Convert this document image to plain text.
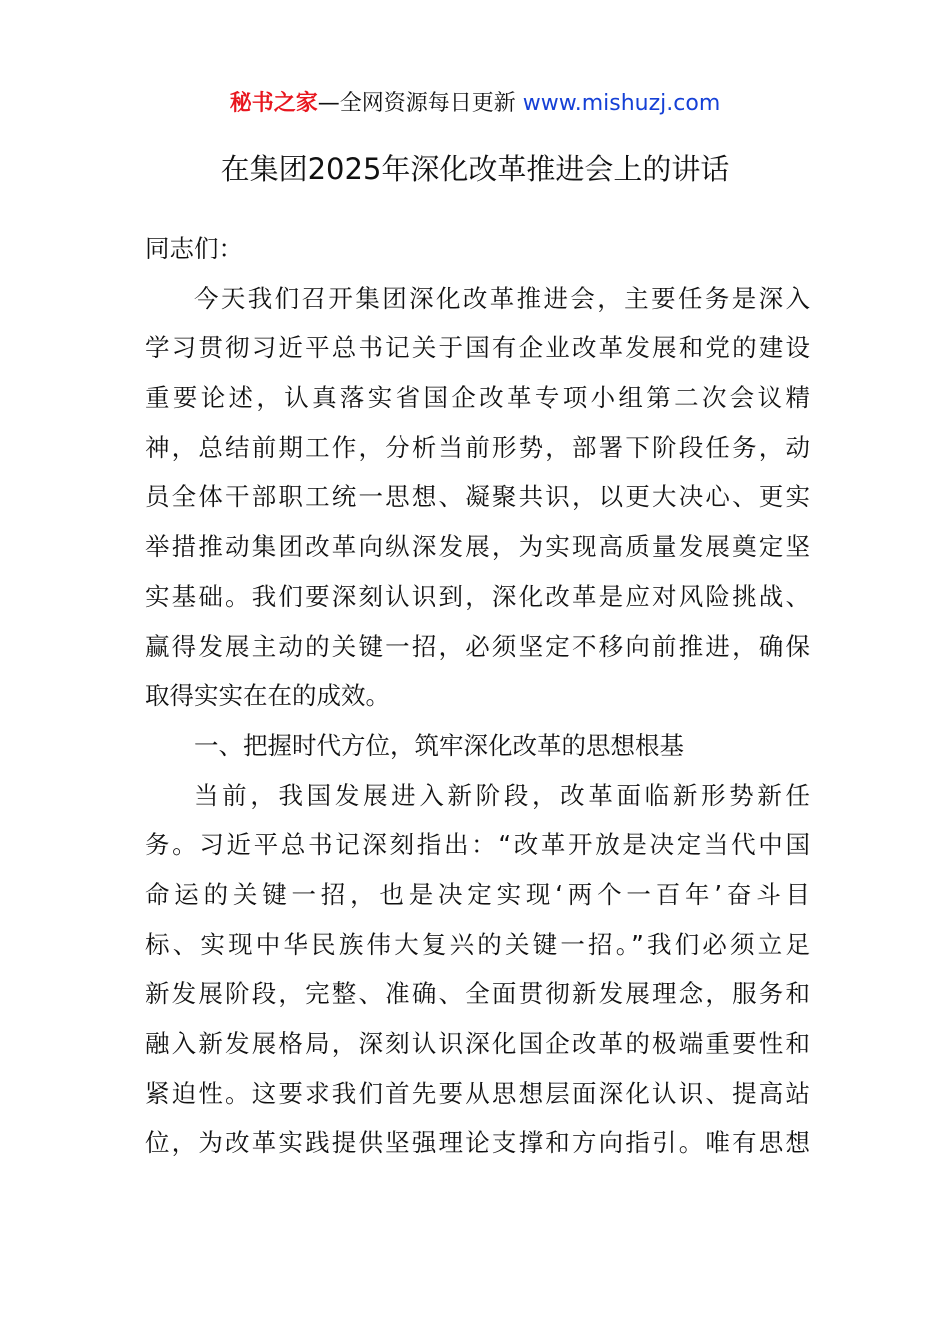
秘书之家—全网资源每日更新 www.mishuzj.com
在集团2025年深化改革推进会上的讲话
同志们：
今天我们召开集团深化改革推进会，主要任务是深入
学习贯彻习近平总书记关于国有企业改革发展和党的建设
重要论述，认真落实省国企改革专项小组第二次会议精
神，总结前期工作，分析当前形势，部署下阶段任务，动
员全体干部职工统一思想、凝聚共识，以更大决心、更实
举措推动集团改革向纵深发展，为实现高质量发展奠定坚
实基础。我们要深刻认识到，深化改革是应对风险挑战、
赢得发展主动的关键一招，必须坚定不移向前推进，确保
取得实实在在的成效。
一、把握时代方位，筑牢深化改革的思想根基
当前，我国发展进入新阶段，改革面临新形势新任
务。习近平总书记深刻指出：“改革开放是决定当代中国
命运的关键一招，也是决定实现‘两个一百年’奋斗目
标、实现中华民族伟大复兴的关键一招。”我们必须立足
新发展阶段，完整、准确、全面贯彻新发展理念，服务和
融入新发展格局，深刻认识深化国企改革的极端重要性和
紧迫性。这要求我们首先要从思想层面深化认识、提高站
位，为改革实践提供坚强理论支撑和方向指引。唯有思想
